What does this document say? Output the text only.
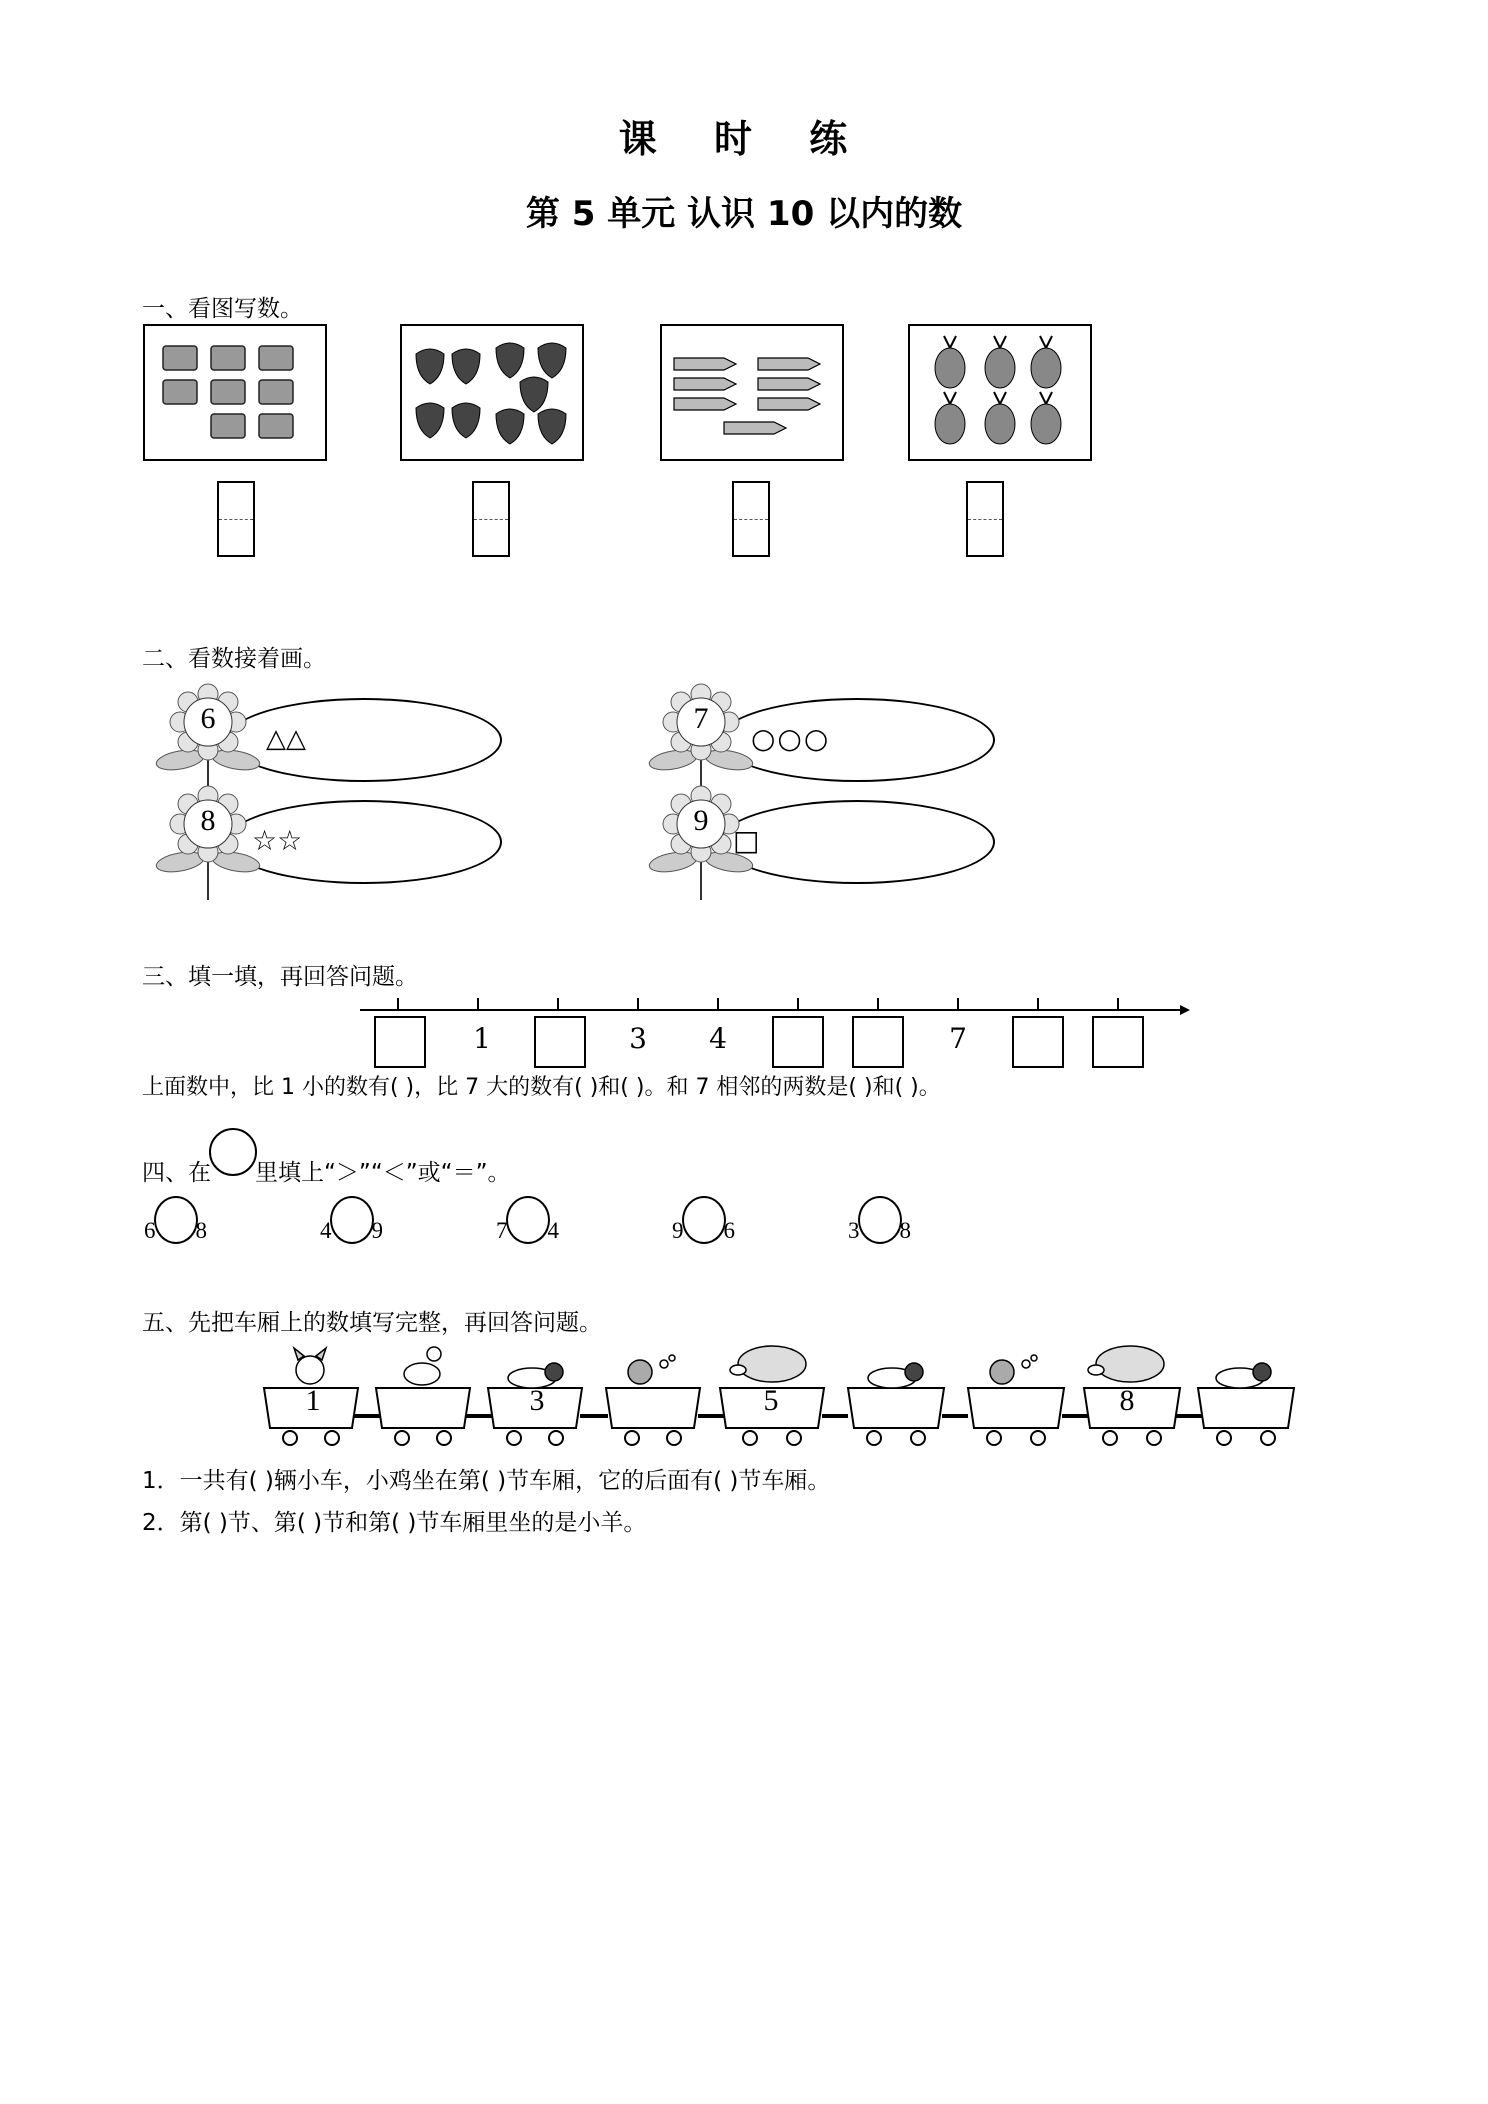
课 时 练
第 5 单元 认识 10 以内的数
一、看图写数。
二、看数接着画。
6
△△
7
○○○
8
☆☆
9
□
三、填一填，再回答问题。
1	3 4	7
上面数中，比 1 小的数有( )，比 7 大的数有( )和( )。和 7 相邻的两数是( )和( )。
四、在 里填上“＞”“＜”或“＝”。
6 8	4 9	7 4	9 6	3 8
五、先把车厢上的数填写完整，再回答问题。
1	3	5	8
1．一共有( )辆小车，小鸡坐在第( )节车厢，它的后面有( )节车厢。
2．第( )节、第( )节和第( )节车厢里坐的是小羊。
